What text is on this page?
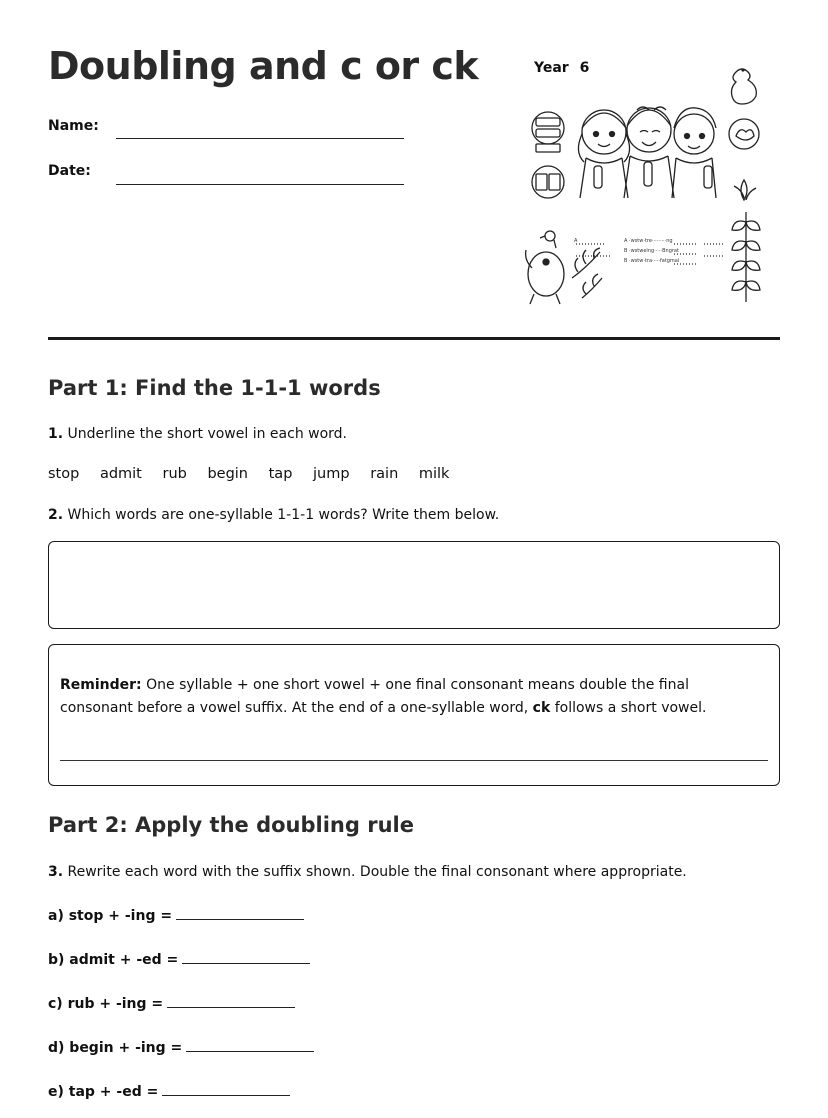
Doubling and c or ck
Name:
Date:
Year 6
A	A ·wstw·tre·········ng
B ·wstweing·····Bngrat
B ·wstw·tra·····fatgmal
Part 1: Find the 1-1-1 words
1. Underline the short vowel in each word.
stop admit rub begin tap jump rain milk
2. Which words are one-syllable 1-1-1 words? Write them below.
Reminder: One syllable + one short vowel + one final consonant means double the final consonant before a vowel suffix. At the end of a one-syllable word, ck follows a short vowel.
Part 2: Apply the doubling rule
3. Rewrite each word with the suffix shown. Double the final consonant where appropriate.
a) stop + -ing =
b) admit + -ed =
c) rub + -ing =
d) begin + -ing =
e) tap + -ed =
